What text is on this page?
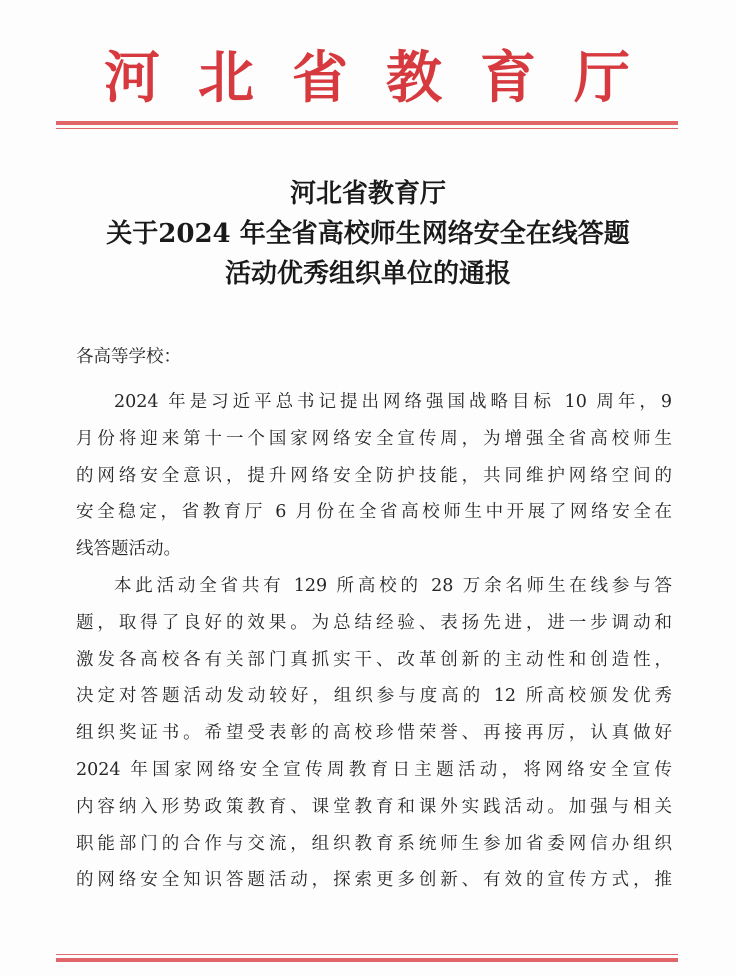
河 北 省 教 育 厅
河北省教育厅
关于2024 年全省高校师生网络安全在线答题
活动优秀组织单位的通报
各高等学校：
2024 年是习近平总书记提出网络强国战略目标 10 周年，9
月份将迎来第十一个国家网络安全宣传周，为增强全省高校师生
的网络安全意识，提升网络安全防护技能，共同维护网络空间的
安全稳定，省教育厅 6 月份在全省高校师生中开展了网络安全在
线答题活动。
本此活动全省共有 129 所高校的 28 万余名师生在线参与答
题，取得了良好的效果。为总结经验、表扬先进，进一步调动和
激发各高校各有关部门真抓实干、改革创新的主动性和创造性，
决定对答题活动发动较好，组织参与度高的 12 所高校颁发优秀
组织奖证书。希望受表彰的高校珍惜荣誉、再接再厉，认真做好
2024 年国家网络安全宣传周教育日主题活动，将网络安全宣传
内容纳入形势政策教育、课堂教育和课外实践活动。加强与相关
职能部门的合作与交流，组织教育系统师生参加省委网信办组织
的网络安全知识答题活动，探索更多创新、有效的宣传方式，推
